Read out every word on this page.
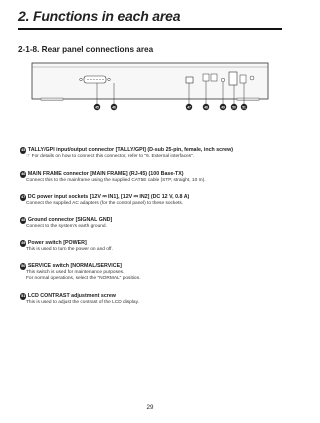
2. Functions in each area
2-1-8. Rear panel connections area
45	46	47	48	49 50 51
45 TALLY/GPI input/output connector [TALLY/GPI] (D-sub 25-pin, female, inch screw)
☞ For details on how to connect this connector, refer to "6. External interfaces".
46 MAIN FRAME connector [MAIN FRAME] (RJ-45) (100 Base-TX)
Connect this to the mainframe using the supplied CAT5E cable (STP, straight, 10 m).
47 DC power input sockets [12V ⎓ IN1], [12V ⎓ IN2] (DC 12 V, 0.8 A)
Connect the supplied AC adapters (for the control panel) to these sockets.
48 Ground connector [SIGNAL GND]
Connect to the system's earth ground.
49 Power switch [POWER]
This is used to turn the power on and off.
50 SERVICE switch [NORMAL/SERVICE]
This switch is used for maintenance purposes.
For normal operations, select the "NORMAL" position.
51 LCD CONTRAST adjustment screw
This is used to adjust the contrast of the LCD display.
29
